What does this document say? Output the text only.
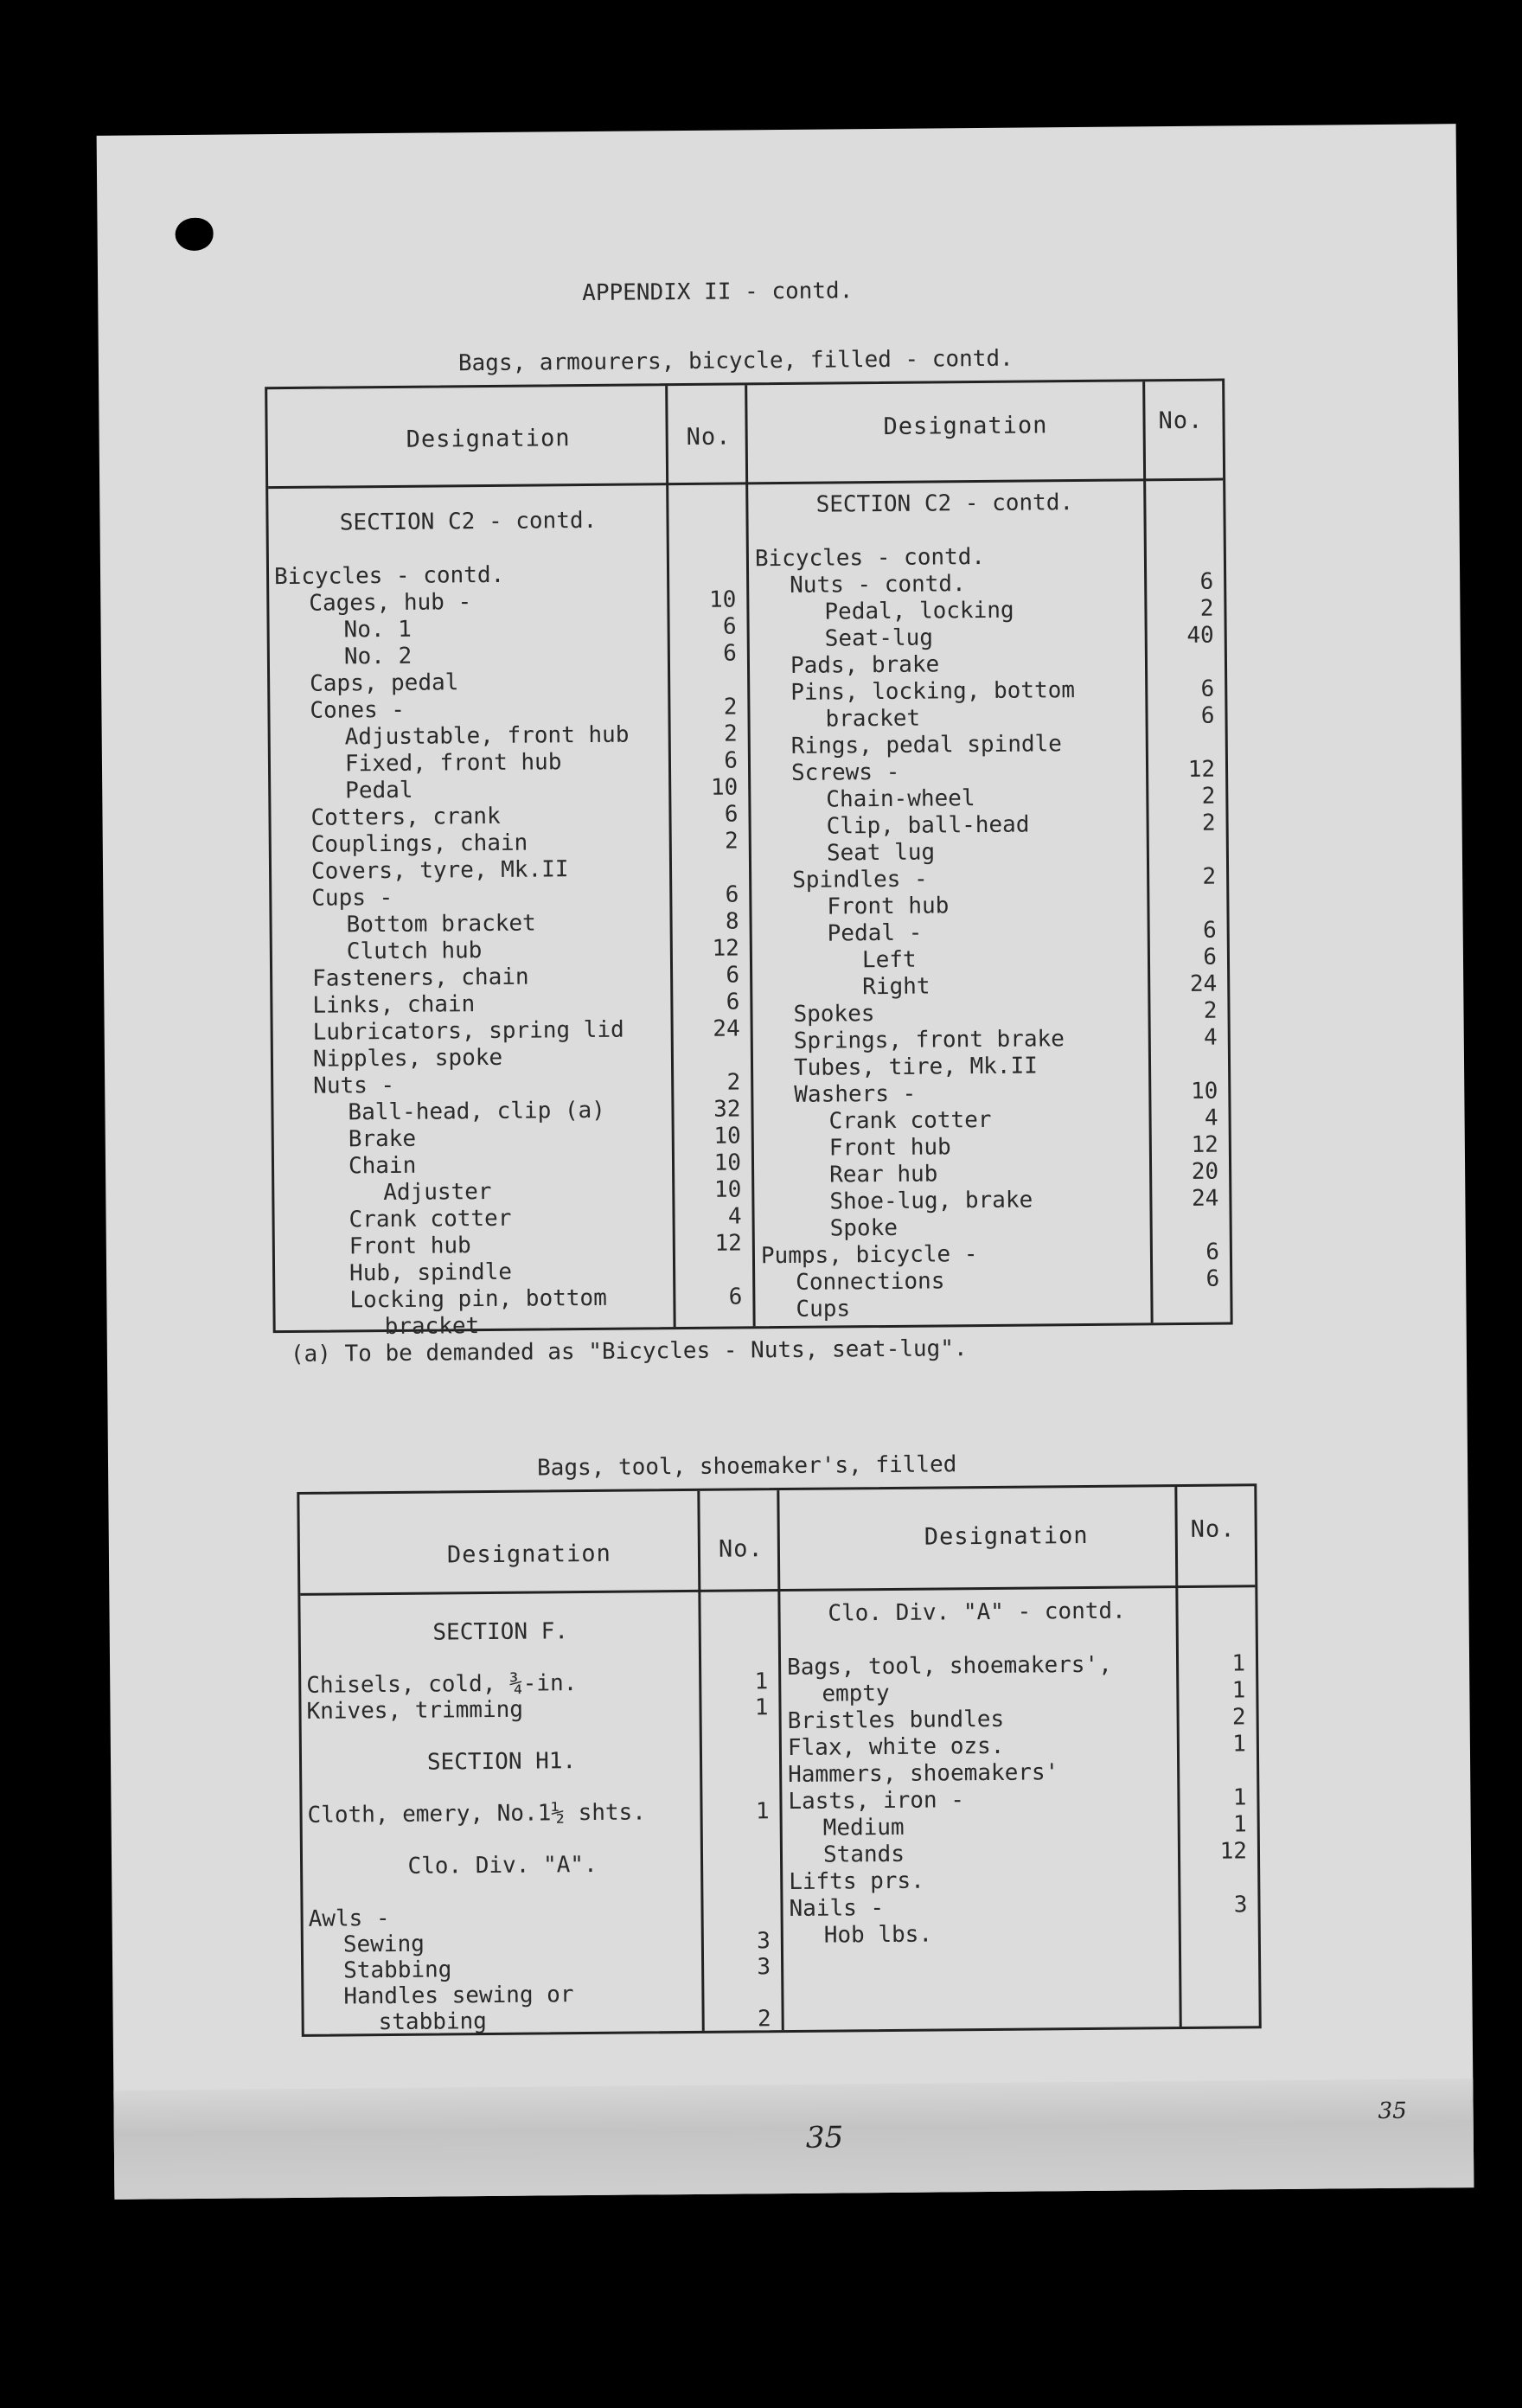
APPENDIX II - contd.
Bags, armourers, bicycle, filled - contd.
Designation	No.	Designation	No.
SECTION C2 - contd.
Bicycles - contd.
Cages, hub -	10
No. 1	6
No. 2	6
Caps, pedal
Cones -	2
Adjustable, front hub	2
Fixed, front hub	6
Pedal	10
Cotters, crank	6
Couplings, chain	2
Covers, tyre, Mk.II
Cups -	6
Bottom bracket	8
Clutch hub	12
Fasteners, chain	6
Links, chain	6
Lubricators, spring lid	24
Nipples, spoke
Nuts -	2
Ball-head, clip (a)	32
Brake	10
Chain	10
Adjuster	10
Crank cotter	4
Front hub	12
Hub, spindle
Locking pin, bottom	6
bracket
SECTION C2 - contd.
Bicycles - contd.
Nuts - contd.	6
Pedal, locking	2
Seat-lug	40
Pads, brake
Pins, locking, bottom	6
bracket	6
Rings, pedal spindle
Screws -	12
Chain-wheel	2
Clip, ball-head	2
Seat lug
Spindles -	2
Front hub
Pedal -	6
Left	6
Right	24
Spokes	2
Springs, front brake	4
Tubes, tire, Mk.II
Washers -	10
Crank cotter	4
Front hub	12
Rear hub	20
Shoe-lug, brake	24
Spoke
Pumps, bicycle -	6
Connections	6
Cups
(a) To be demanded as "Bicycles - Nuts, seat-lug".
Bags, tool, shoemaker's, filled
Designation	No.	Designation	No.
SECTION F.
Chisels, cold, ¾-in.	1
Knives, trimming	1
SECTION H1.
Cloth, emery, No.1½ shts.	1
Clo. Div. "A".
Awls -
Sewing	3
Stabbing	3
Handles sewing or
stabbing	2
Clo. Div. "A" - contd.
Bags, tool, shoemakers',	1
empty	1
Bristles bundles	2
Flax, white ozs.	1
Hammers, shoemakers'
Lasts, iron -	1
Medium	1
Stands	12
Lifts prs.
Nails -	3
Hob lbs.
35
35
